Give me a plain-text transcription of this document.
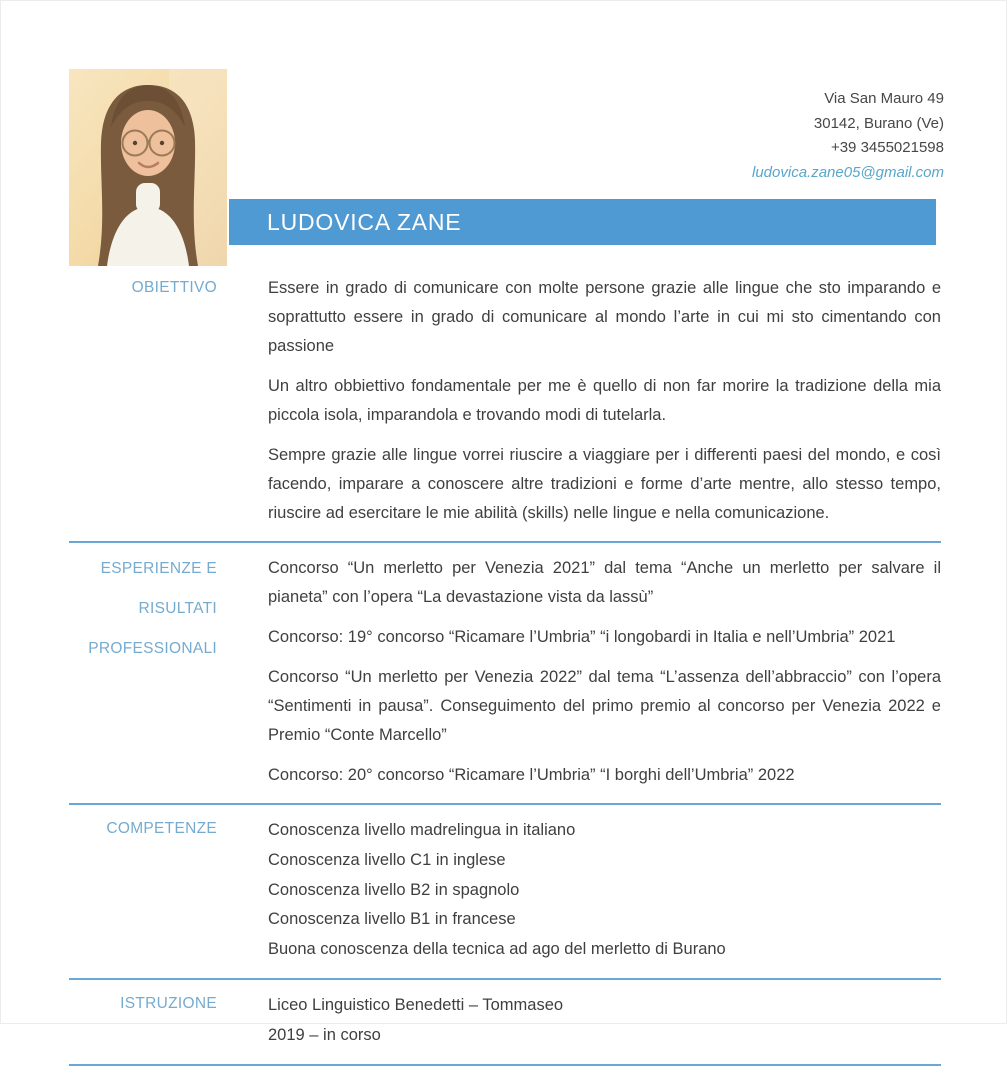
Via San Mauro 49
30142, Burano (Ve)
+39 3455021598
ludovica.zane05@gmail.com
LUDOVICA ZANE
OBIETTIVO	Essere in grado di comunicare con molte persone grazie alle lingue che sto imparando e soprattutto essere in grado di comunicare al mondo l’arte in cui mi sto cimentando con passione

Un altro obbiettivo fondamentale per me è quello di non far morire la tradizione della mia piccola isola, imparandola e trovando modi di tutelarla.

Sempre grazie alle lingue vorrei riuscire a viaggiare per i differenti paesi del mondo, e così facendo, imparare a conoscere altre tradizioni e forme d’arte mentre, allo stesso tempo, riuscire ad esercitare le mie abilità (skills) nelle lingue e nella comunicazione.

ESPERIENZE E
RISULTATI
PROFESSIONALI

Concorso “Un merletto per Venezia 2021” dal tema “Anche un merletto per salvare il pianeta” con l’opera “La devastazione vista da lassù”

Concorso: 19° concorso “Ricamare l’Umbria” “i longobardi in Italia e nell’Umbria” 2021

Concorso “Un merletto per Venezia 2022” dal tema “L’assenza dell’abbraccio” con l’opera “Sentimenti in pausa”. Conseguimento del primo premio al concorso per Venezia 2022 e Premio “Conte Marcello”

Concorso: 20° concorso “Ricamare l’Umbria” “I borghi dell’Umbria” 2022

COMPETENZE	Conoscenza livello madrelingua in italiano

Conoscenza livello C1 in inglese

Conoscenza livello B2 in spagnolo

Conoscenza livello B1 in francese

Buona conoscenza della tecnica ad ago del merletto di Burano

ISTRUZIONE	Liceo Linguistico Benedetti – Tommaseo

2019 – in corso
